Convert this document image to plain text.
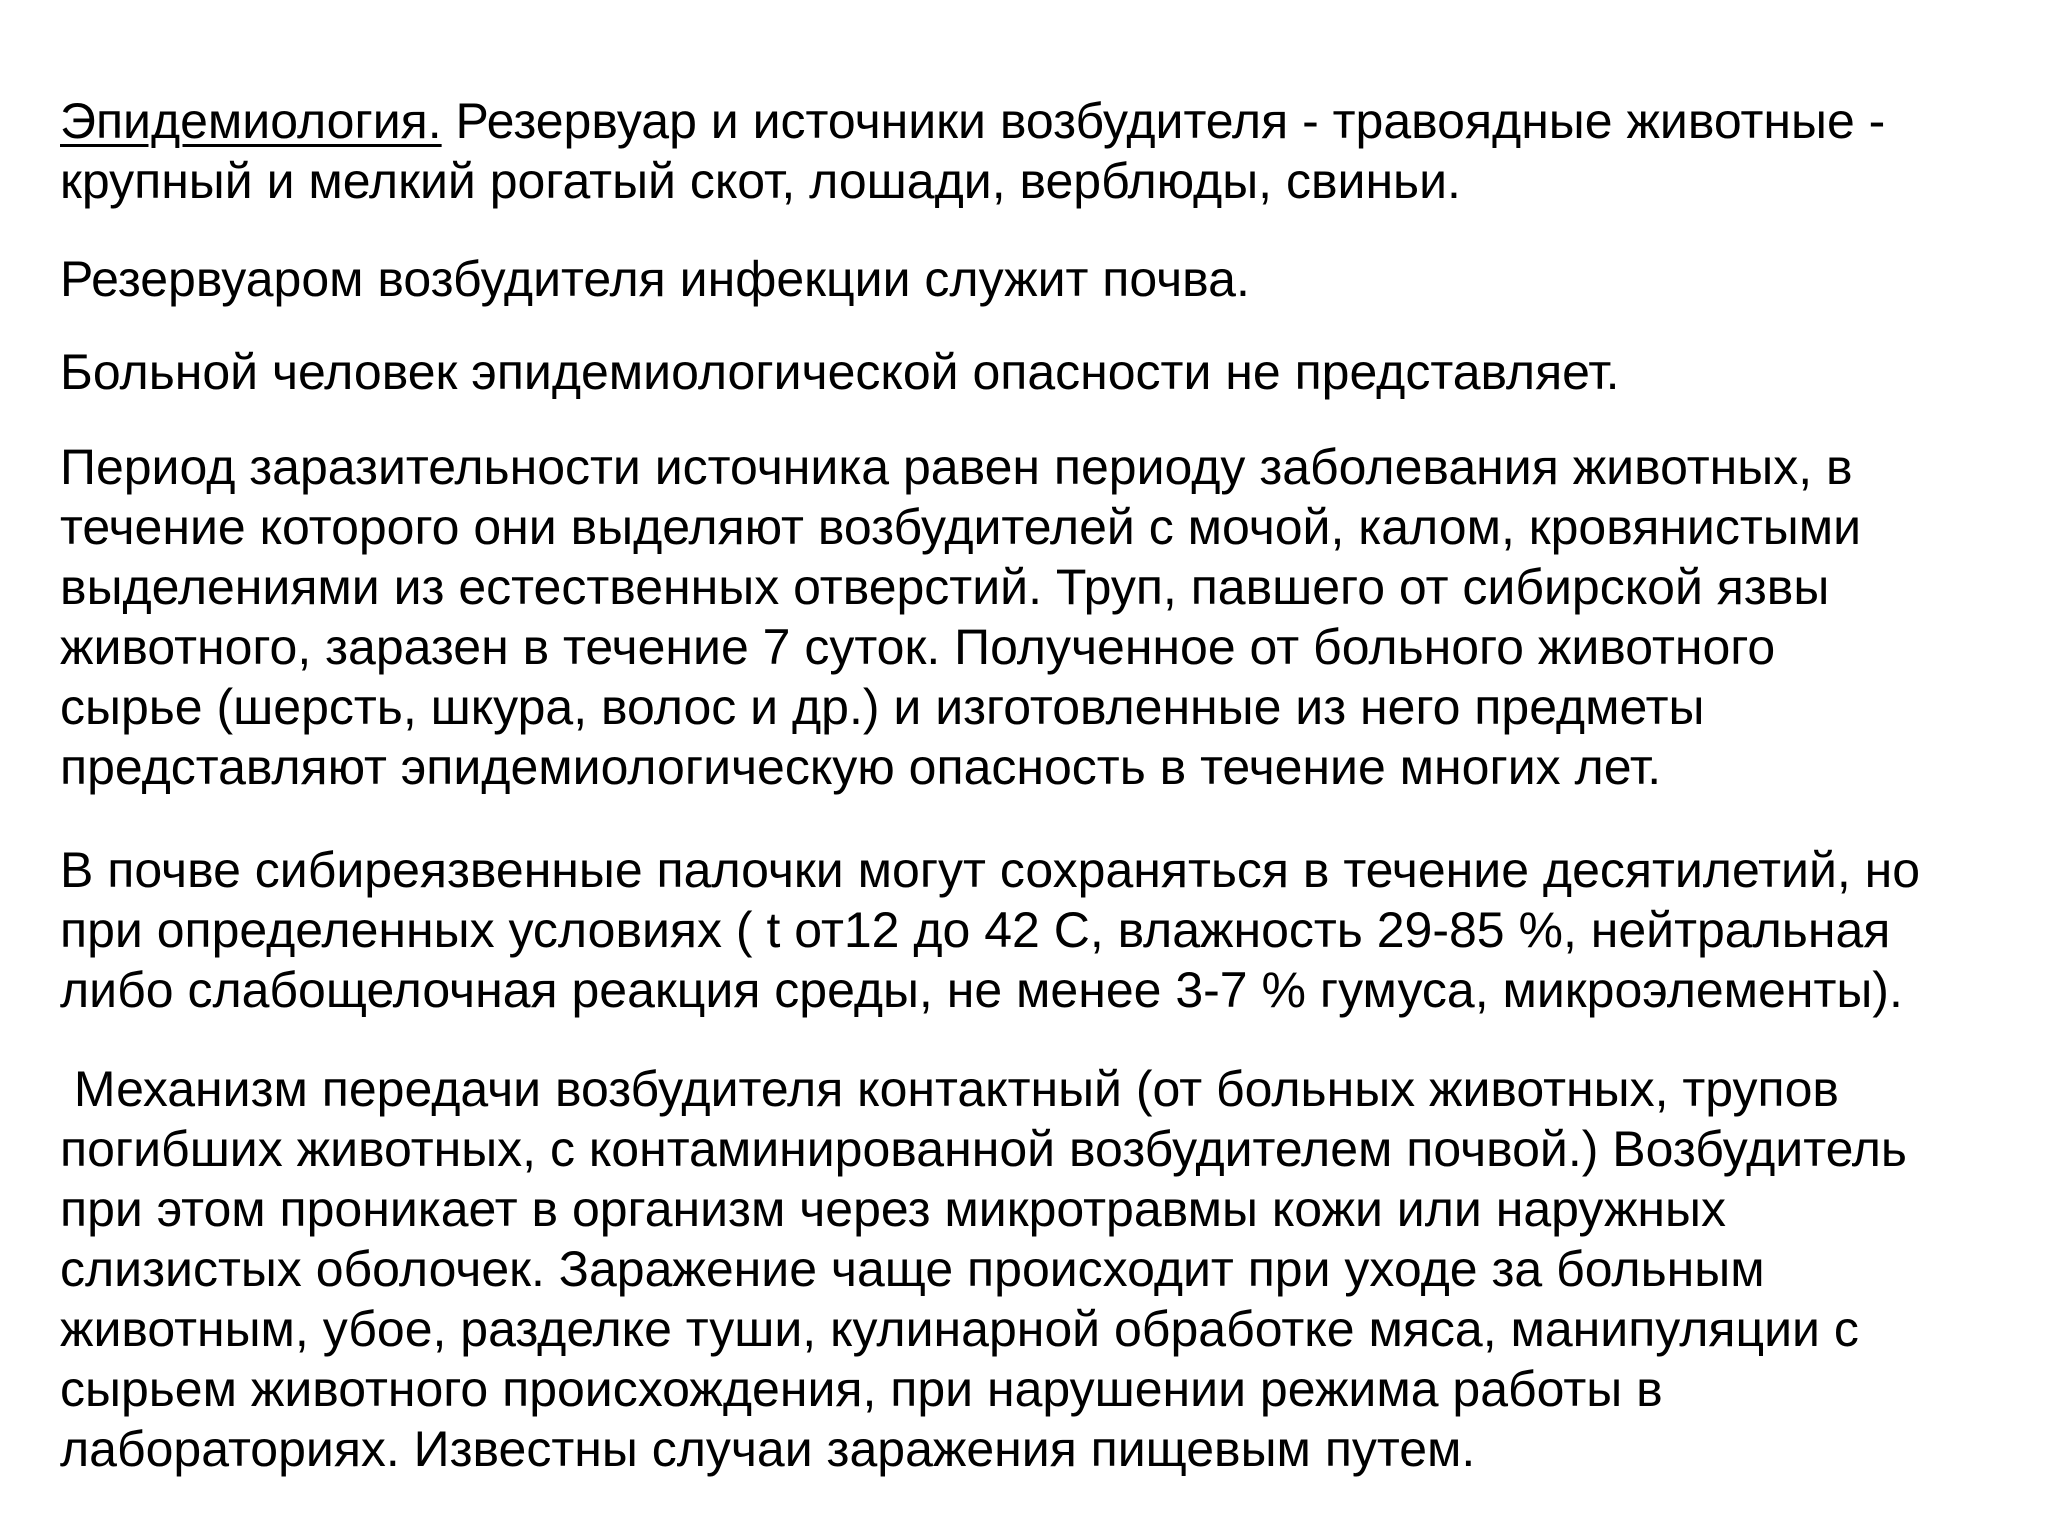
Эпидемиология. Резервуар и источники возбудителя - травоядные животные -
крупный и мелкий рогатый скот, лошади, верблюды, свиньи.

Резервуаром возбудителя инфекции служит почва.

Больной человек эпидемиологической опасности не представляет.

Период заразительности источника равен периоду заболевания животных, в
течение которого они выделяют возбудителей с мочой, калом, кровянистыми
выделениями из естественных отверстий. Труп, павшего от сибирской язвы
животного, заразен в течение 7 суток. Полученное от больного животного
сырье (шерсть, шкура, волос и др.) и изготовленные из него предметы
представляют эпидемиологическую опасность в течение многих лет.

В почве сибиреязвенные палочки могут сохраняться в течение десятилетий, но
при определенных условиях ( t от12 до 42 С, влажность 29-85 %, нейтральная
либо слабощелочная реакция среды, не менее 3-7 % гумуса, микроэлементы).

Механизм передачи возбудителя контактный (от больных животных, трупов
погибших животных, с контаминированной возбудителем почвой.) Возбудитель
при этом проникает в организм через микротравмы кожи или наружных
слизистых оболочек. Заражение чаще происходит при уходе за больным
животным, убое, разделке туши, кулинарной обработке мяса, манипуляции с
сырьем животного происхождения, при нарушении режима работы в
лабораториях. Известны случаи заражения пищевым путем.
